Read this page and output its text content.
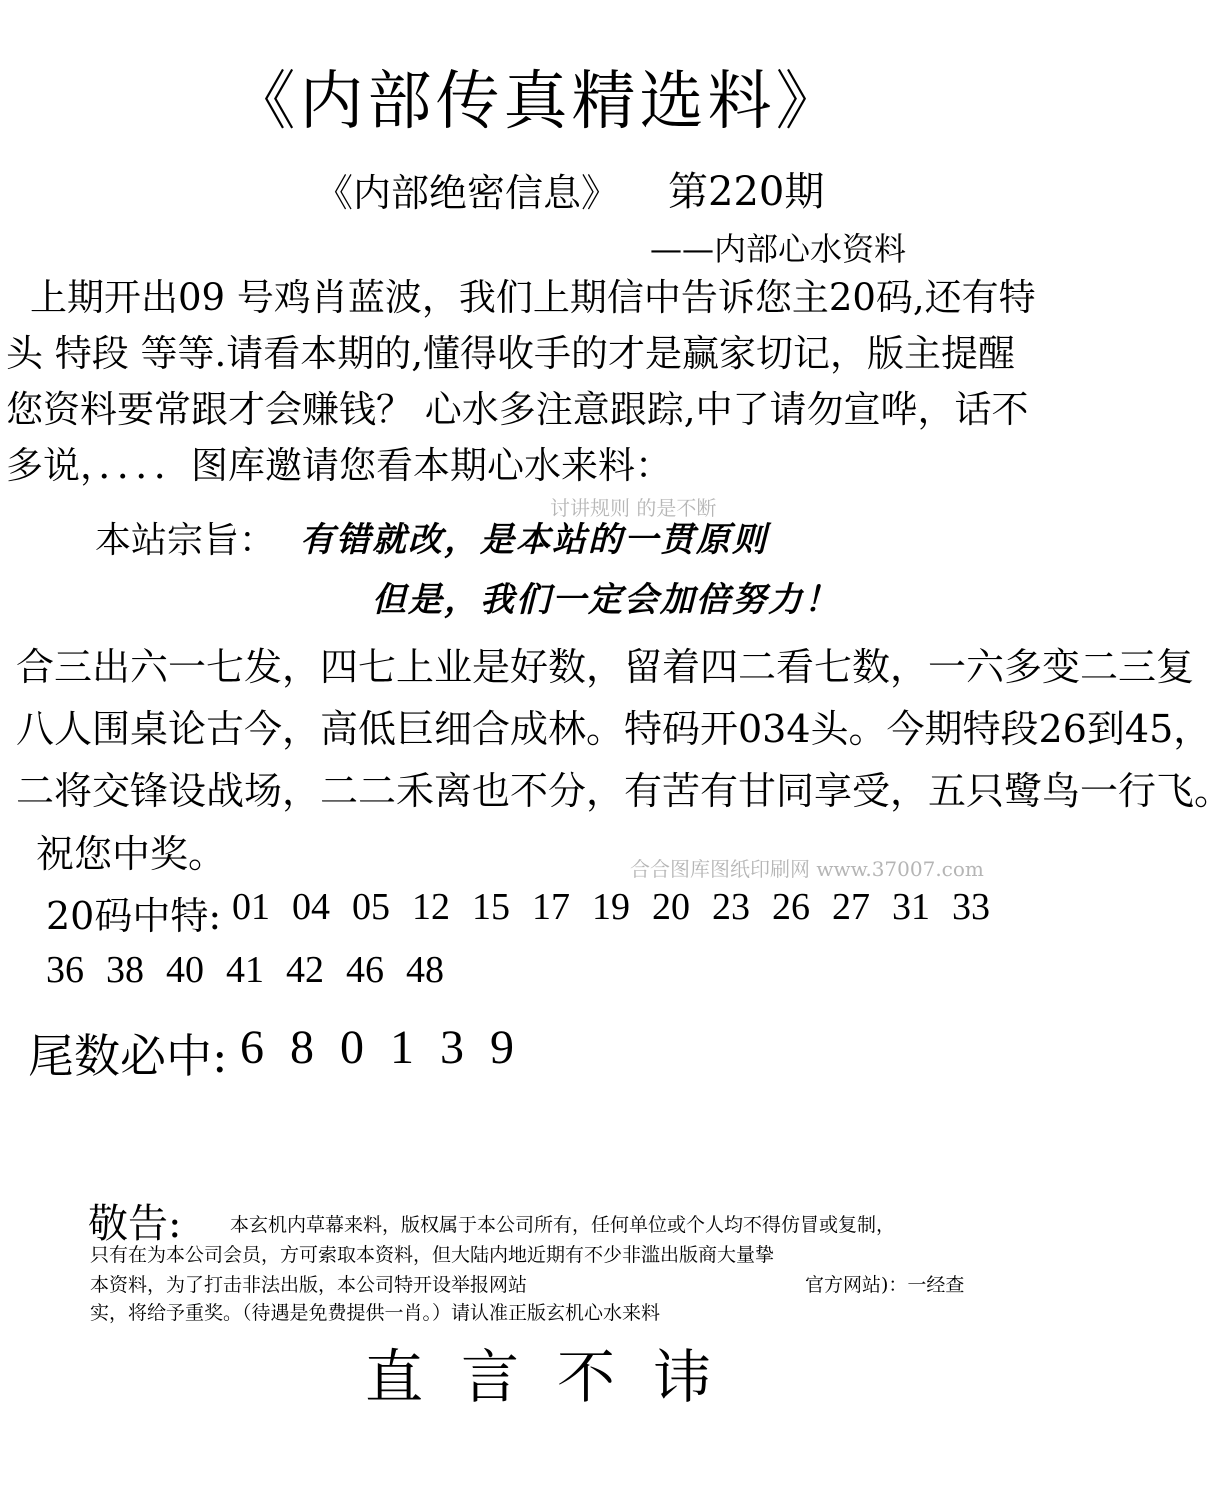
《内部传真精选料》
《内部绝密信息》 第220期
——内部心水资料
上期开出09 号鸡肖蓝波，我们上期信中告诉您主20码,还有特
头 特段 等等.请看本期的,懂得收手的才是赢家切记，版主提醒
您资料要常跟才会赚钱？ 心水多注意跟踪,中了请勿宣哗，话不
多说，．．．．图库邀请您看本期心水来料：
讨讲规则 的是不断
本站宗旨： 有错就改，是本站的一贯原则
但是，我们一定会加倍努力！
合三出六一七发，四七上业是好数，留着四二看七数，一六多变二三复
八人围桌论古今，高低巨细合成林。特码开034头。今期特段26到45，
二将交锋设战场，二二禾离也不分，有苦有甘同享受，五只鹭鸟一行飞。
祝您中奖。	合合图库图纸印刷网 www.37007.com
20码中特: 01 04 05 12 15 17 19 20 23 26 27 31 33
36 38 40 41 42 46 48
尾数必中: 6 8 0 1 3 9
敬告:	本玄机内草幕来料，版权属于本公司所有，任何单位或个人均不得仿冒或复制，
只有在为本公司会员，方可索取本资料，但大陆内地近期有不少非滥出版商大量挚
本资料，为了打击非法出版，本公司特开设举报网站	官方网站)：一经查
实，将给予重奖。（待遇是免费提供一肖。）请认准正版玄机心水来料
直言不讳
